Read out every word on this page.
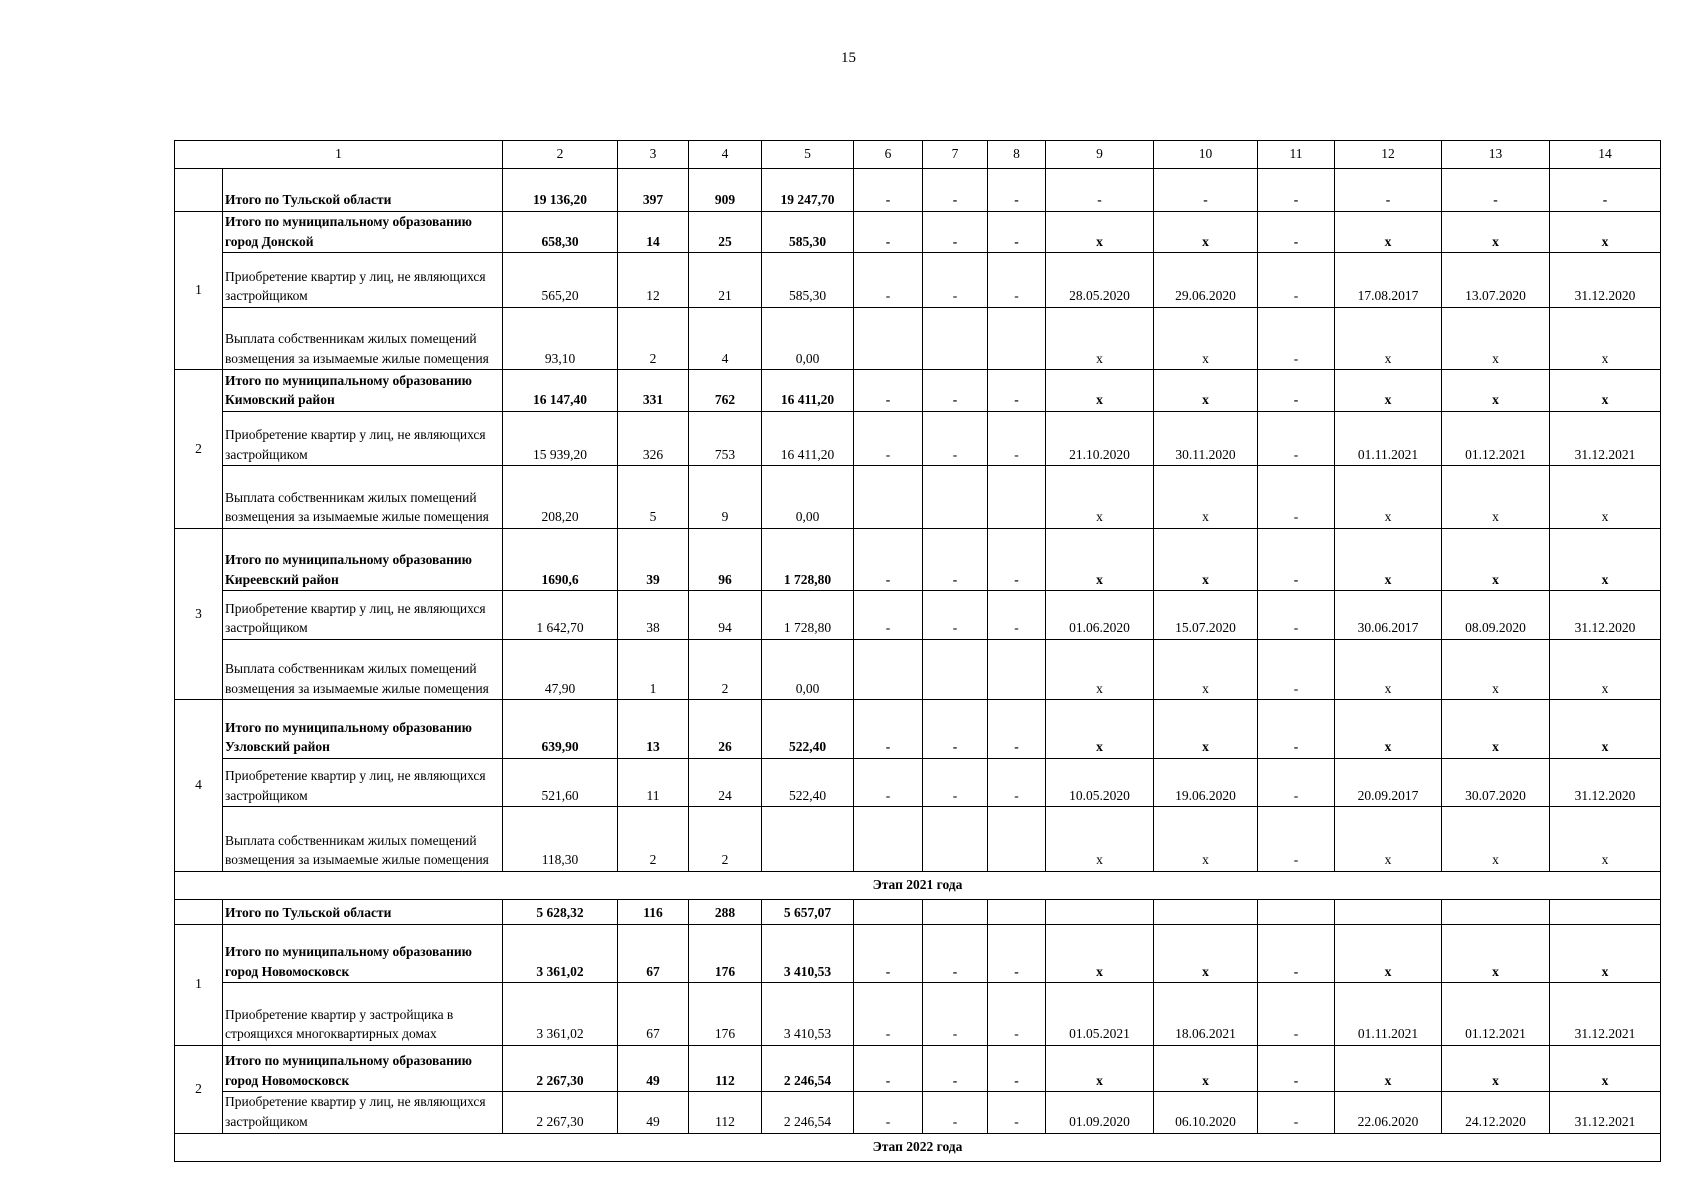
15
1		2	3	4	5	6	7	8	9	10	11	12	13	14
	Итого по Тульской области	19 136,20	397	909	19 247,70	-	-	-	-	-	-	-	-	-
1	Итого по муниципальному образованию город Донской	658,30	14	25	585,30	-	-	-	х	х	-	х	х	х
	Приобретение квартир у лиц, не являющихся застройщиком	565,20	12	21	585,30	-	-	-	28.05.2020	29.06.2020	-	17.08.2017	13.07.2020	31.12.2020
	Выплата собственникам жилых помещений возмещения за изымаемые жилые помещения	93,10	2	4	0,00				х	х	-	х	х	х
2	Итого по муниципальному образованию Кимовский район	16 147,40	331	762	16 411,20	-	-	-	х	х	-	х	х	х
	Приобретение квартир у лиц, не являющихся застройщиком	15 939,20	326	753	16 411,20	-	-	-	21.10.2020	30.11.2020	-	01.11.2021	01.12.2021	31.12.2021
	Выплата собственникам жилых помещений возмещения за изымаемые жилые помещения	208,20	5	9	0,00				х	х	-	х	х	х
3	Итого по муниципальному образованию Киреевский район	1690,6	39	96	1 728,80	-	-	-	х	х	-	х	х	х
	Приобретение квартир у лиц, не являющихся застройщиком	1 642,70	38	94	1 728,80	-	-	-	01.06.2020	15.07.2020	-	30.06.2017	08.09.2020	31.12.2020
	Выплата собственникам жилых помещений возмещения за изымаемые жилые помещения	47,90	1	2	0,00				х	х	-	х	х	х
4	Итого по муниципальному образованию Узловский район	639,90	13	26	522,40	-	-	-	х	х	-	х	х	х
	Приобретение квартир у лиц, не являющихся застройщиком	521,60	11	24	522,40	-	-	-	10.05.2020	19.06.2020	-	20.09.2017	30.07.2020	31.12.2020
	Выплата собственникам жилых помещений возмещения за изымаемые жилые помещения	118,30	2	2					х	х	-	х	х	х
Этап 2021 года														
	Итого по Тульской области	5 628,32	116	288	5 657,07									
1	Итого по муниципальному образованию город Новомосковск	3 361,02	67	176	3 410,53	-	-	-	х	х	-	х	х	х
	Приобретение квартир у застройщика в строящихся многоквартирных домах	3 361,02	67	176	3 410,53	-	-	-	01.05.2021	18.06.2021	-	01.11.2021	01.12.2021	31.12.2021
2	Итого по муниципальному образованию город Новомосковск	2 267,30	49	112	2 246,54	-	-	-	х	х	-	х	х	х
	Приобретение квартир у лиц, не являющихся застройщиком	2 267,30	49	112	2 246,54	-	-	-	01.09.2020	06.10.2020	-	22.06.2020	24.12.2020	31.12.2021
Этап 2022 года														
